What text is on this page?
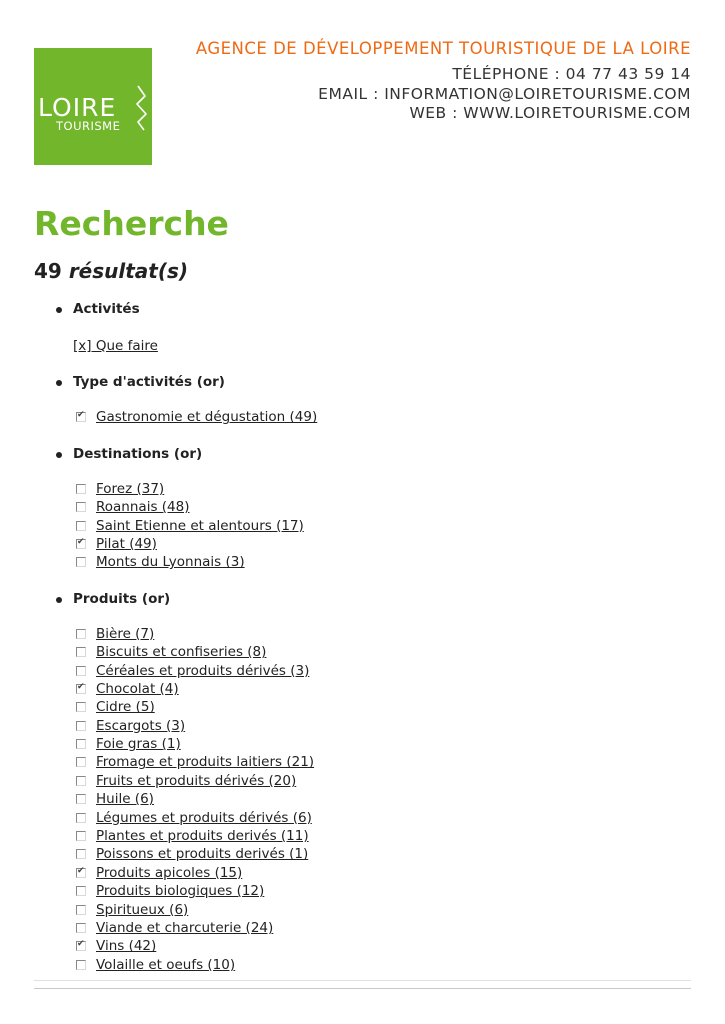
LOIRE
TOURISME
AGENCE DE DÉVELOPPEMENT TOURISTIQUE DE LA LOIRE
TÉLÉPHONE : 04 77 43 59 14
EMAIL : INFORMATION@LOIRETOURISME.COM
WEB : WWW.LOIRETOURISME.COM
Recherche
49 résultat(s)
Activités
[x] Que faire
Type d'activités (or)
✔ Gastronomie et dégustation (49)
Destinations (or)
Forez (37)
Roannais (48)
Saint Etienne et alentours (17)
✔ Pilat (49)
Monts du Lyonnais (3)
Produits (or)
Bière (7)
Biscuits et confiseries (8)
Céréales et produits dérivés (3)
✔ Chocolat (4)
Cidre (5)
Escargots (3)
Foie gras (1)
Fromage et produits laitiers (21)
Fruits et produits dérivés (20)
Huile (6)
Légumes et produits dérivés (6)
Plantes et produits derivés (11)
Poissons et produits derivés (1)
✔ Produits apicoles (15)
Produits biologiques (12)
Spiritueux (6)
Viande et charcuterie (24)
✔ Vins (42)
Volaille et oeufs (10)
